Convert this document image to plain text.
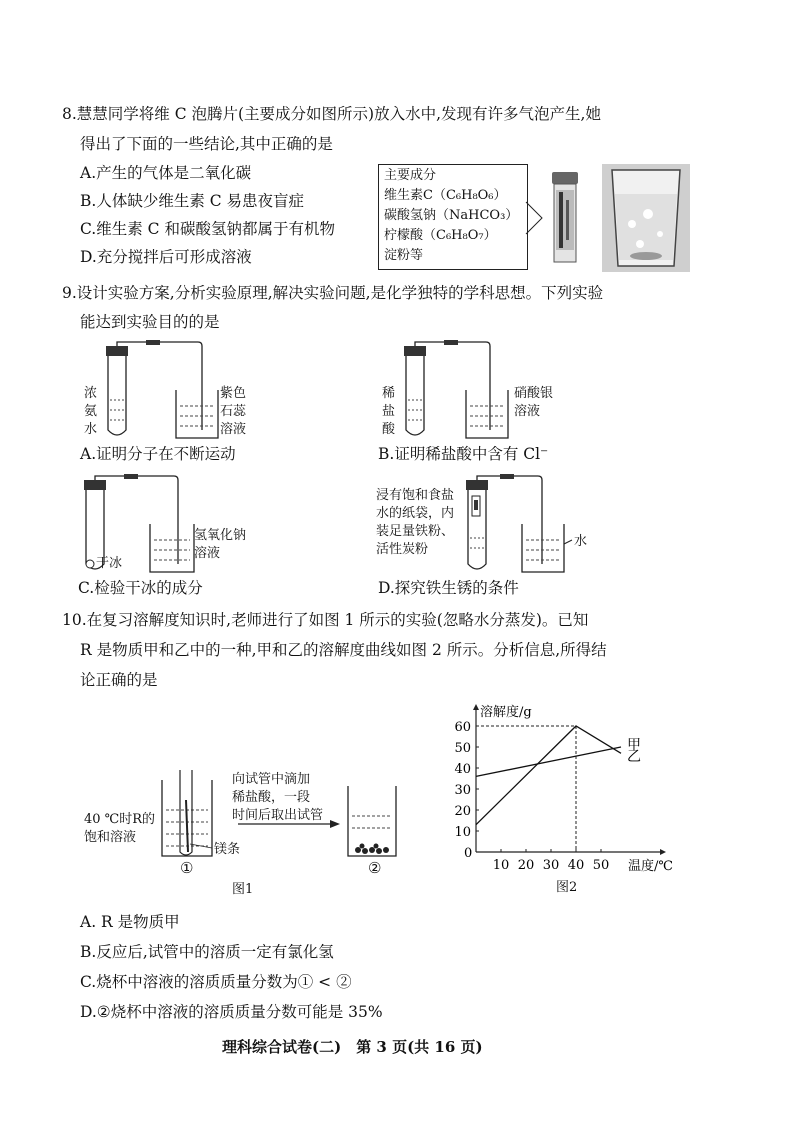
8.慧慧同学将维 C 泡腾片(主要成分如图所示)放入水中,发现有许多气泡产生,她
得出了下面的一些结论,其中正确的是
A.产生的气体是二氧化碳
B.人体缺少维生素 C 易患夜盲症
C.维生素 C 和碳酸氢钠都属于有机物
D.充分搅拌后可形成溶液
主要成分
维生素C（C₆H₈O₆）
碳酸氢钠（NaHCO₃）
柠檬酸（C₆H₈O₇）
淀粉等
9.设计实验方案,分析实验原理,解决实验问题,是化学独特的学科思想。下列实验
能达到实验目的的是
浓
氨
水
紫色
石蕊
溶液
A.证明分子在不断运动
稀
盐
酸
硝酸银
溶液
B.证明稀盐酸中含有 Cl⁻
干冰
氢氧化钠
溶液
C.检验干冰的成分
浸有饱和食盐
水的纸袋，内
装足量铁粉、
活性炭粉
水
D.探究铁生锈的条件
10.在复习溶解度知识时,老师进行了如图 1 所示的实验(忽略水分蒸发)。已知
R 是物质甲和乙中的一种,甲和乙的溶解度曲线如图 2 所示。分析信息,所得结
论正确的是
40 ℃时R的
饱和溶液
向试管中滴加
稀盐酸，一段
时间后取出试管
镁条
①	②
图1
溶解度/g
温度/℃
0
10 20 30 40 50
10
20
30
40
50
60
甲
乙
图2
A. R 是物质甲
B.反应后,试管中的溶质一定有氯化氢
C.烧杯中溶液的溶质质量分数为① < ②
D.②烧杯中溶液的溶质质量分数可能是 35%
理科综合试卷(二)　第 3 页(共 16 页)
